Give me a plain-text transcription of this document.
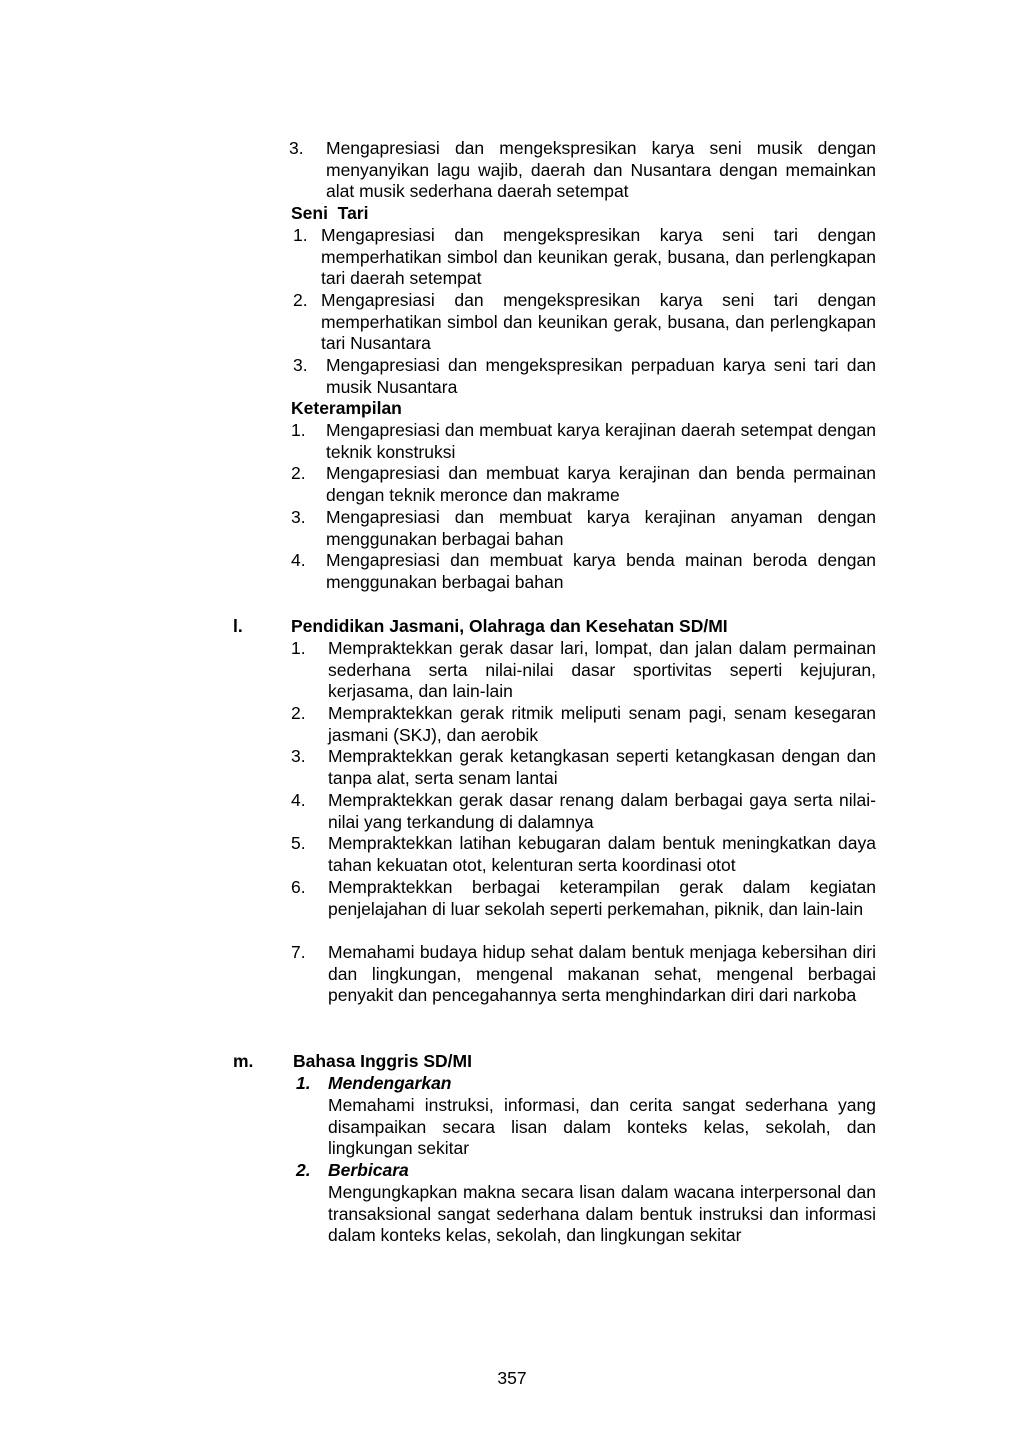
3.	Mengapresiasi dan mengekspresikan karya seni musik dengan menyanyikan lagu wajib, daerah dan Nusantara dengan memainkan alat musik sederhana daerah setempat
Seni  Tari
1. Mengapresiasi dan mengekspresikan karya seni tari dengan memperhatikan simbol dan keunikan gerak, busana, dan perlengkapan tari daerah setempat
2. Mengapresiasi dan mengekspresikan karya seni tari dengan memperhatikan simbol dan keunikan gerak, busana, dan perlengkapan tari Nusantara
3.	Mengapresiasi dan mengekspresikan perpaduan karya seni tari dan musik Nusantara
Keterampilan
1.	Mengapresiasi dan membuat karya kerajinan daerah setempat dengan teknik konstruksi
2.	Mengapresiasi dan membuat karya kerajinan dan benda permainan dengan teknik meronce dan makrame
3.	Mengapresiasi dan membuat karya kerajinan anyaman dengan menggunakan berbagai bahan
4.	Mengapresiasi dan membuat karya benda mainan beroda dengan menggunakan berbagai bahan
l.	Pendidikan Jasmani, Olahraga dan Kesehatan SD/MI
1.	Mempraktekkan gerak dasar lari, lompat, dan jalan dalam permainan sederhana serta nilai-nilai dasar sportivitas seperti kejujuran, kerjasama, dan lain-lain
2.	Mempraktekkan gerak ritmik meliputi senam pagi, senam kesegaran jasmani (SKJ), dan aerobik
3.	Mempraktekkan gerak ketangkasan seperti ketangkasan dengan dan tanpa alat, serta senam lantai
4.	Mempraktekkan gerak dasar renang dalam berbagai gaya serta nilai-nilai yang terkandung di dalamnya
5.	Mempraktekkan latihan kebugaran dalam bentuk meningkatkan daya tahan kekuatan otot, kelenturan serta koordinasi otot
6.	Mempraktekkan berbagai keterampilan gerak dalam kegiatan penjelajahan di luar sekolah seperti perkemahan, piknik, dan lain-lain
7.	Memahami budaya hidup sehat dalam bentuk menjaga kebersihan diri dan lingkungan, mengenal makanan sehat, mengenal berbagai penyakit dan pencegahannya serta menghindarkan diri dari narkoba
m. Bahasa Inggris SD/MI
1. Mendengarkan
Memahami instruksi, informasi, dan cerita sangat sederhana yang disampaikan secara lisan dalam konteks kelas, sekolah, dan lingkungan sekitar
2. Berbicara
Mengungkapkan makna secara lisan dalam wacana interpersonal dan transaksional sangat sederhana dalam bentuk instruksi dan informasi dalam konteks kelas, sekolah, dan lingkungan sekitar
357
